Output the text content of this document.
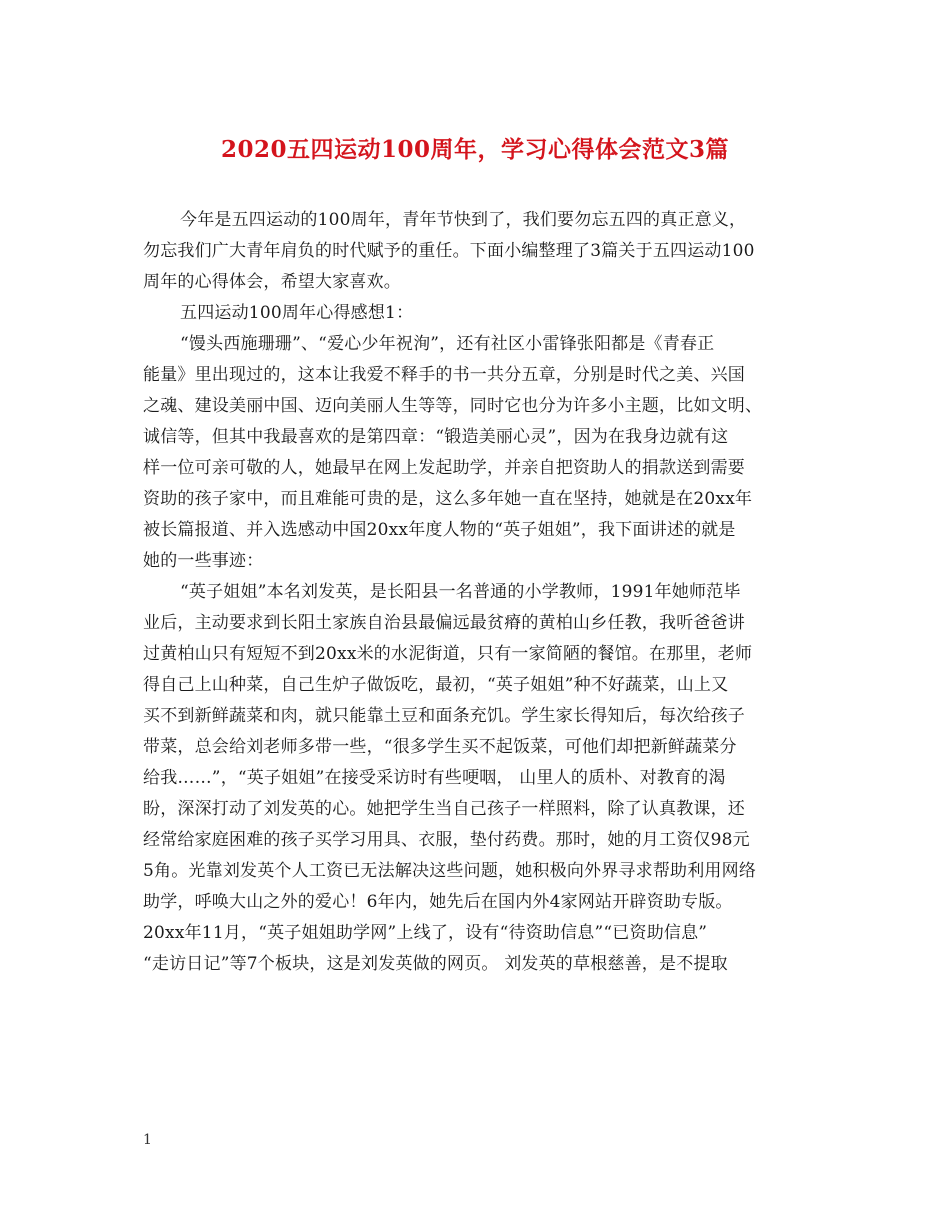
2020五四运动100周年，学习心得体会范文3篇
今年是五四运动的100周年，青年节快到了，我们要勿忘五四的真正意义，
勿忘我们广大青年肩负的时代赋予的重任。下面小编整理了3篇关于五四运动100
周年的心得体会，希望大家喜欢。
五四运动100周年心得感想1：
“馒头西施珊珊”、“爱心少年祝洵”，还有社区小雷锋张阳都是《青春正
能量》里出现过的，这本让我爱不释手的书一共分五章，分别是时代之美、兴国
之魂、建设美丽中国、迈向美丽人生等等，同时它也分为许多小主题，比如文明、
诚信等，但其中我最喜欢的是第四章：“锻造美丽心灵”，因为在我身边就有这
样一位可亲可敬的人，她最早在网上发起助学，并亲自把资助人的捐款送到需要
资助的孩子家中，而且难能可贵的是，这么多年她一直在坚持，她就是在20xx年
被长篇报道、并入选感动中国20xx年度人物的“英子姐姐”，我下面讲述的就是
她的一些事迹：
“英子姐姐”本名刘发英，是长阳县一名普通的小学教师，1991年她师范毕
业后，主动要求到长阳土家族自治县最偏远最贫瘠的黄柏山乡任教，我听爸爸讲
过黄柏山只有短短不到20xx米的水泥街道，只有一家简陋的餐馆。在那里，老师
得自己上山种菜，自己生炉子做饭吃，最初，“英子姐姐”种不好蔬菜，山上又
买不到新鲜蔬菜和肉，就只能靠土豆和面条充饥。学生家长得知后，每次给孩子
带菜，总会给刘老师多带一些，“很多学生买不起饭菜，可他们却把新鲜蔬菜分
给我……”，“英子姐姐”在接受采访时有些哽咽， 山里人的质朴、对教育的渴
盼，深深打动了刘发英的心。她把学生当自己孩子一样照料，除了认真教课，还
经常给家庭困难的孩子买学习用具、衣服，垫付药费。那时，她的月工资仅98元
5角。光靠刘发英个人工资已无法解决这些问题，她积极向外界寻求帮助利用网络
助学，呼唤大山之外的爱心！6年内，她先后在国内外4家网站开辟资助专版。
20xx年11月，“英子姐姐助学网”上线了，设有“待资助信息”“已资助信息”
“走访日记”等7个板块，这是刘发英做的网页。 刘发英的草根慈善，是不提取
1
